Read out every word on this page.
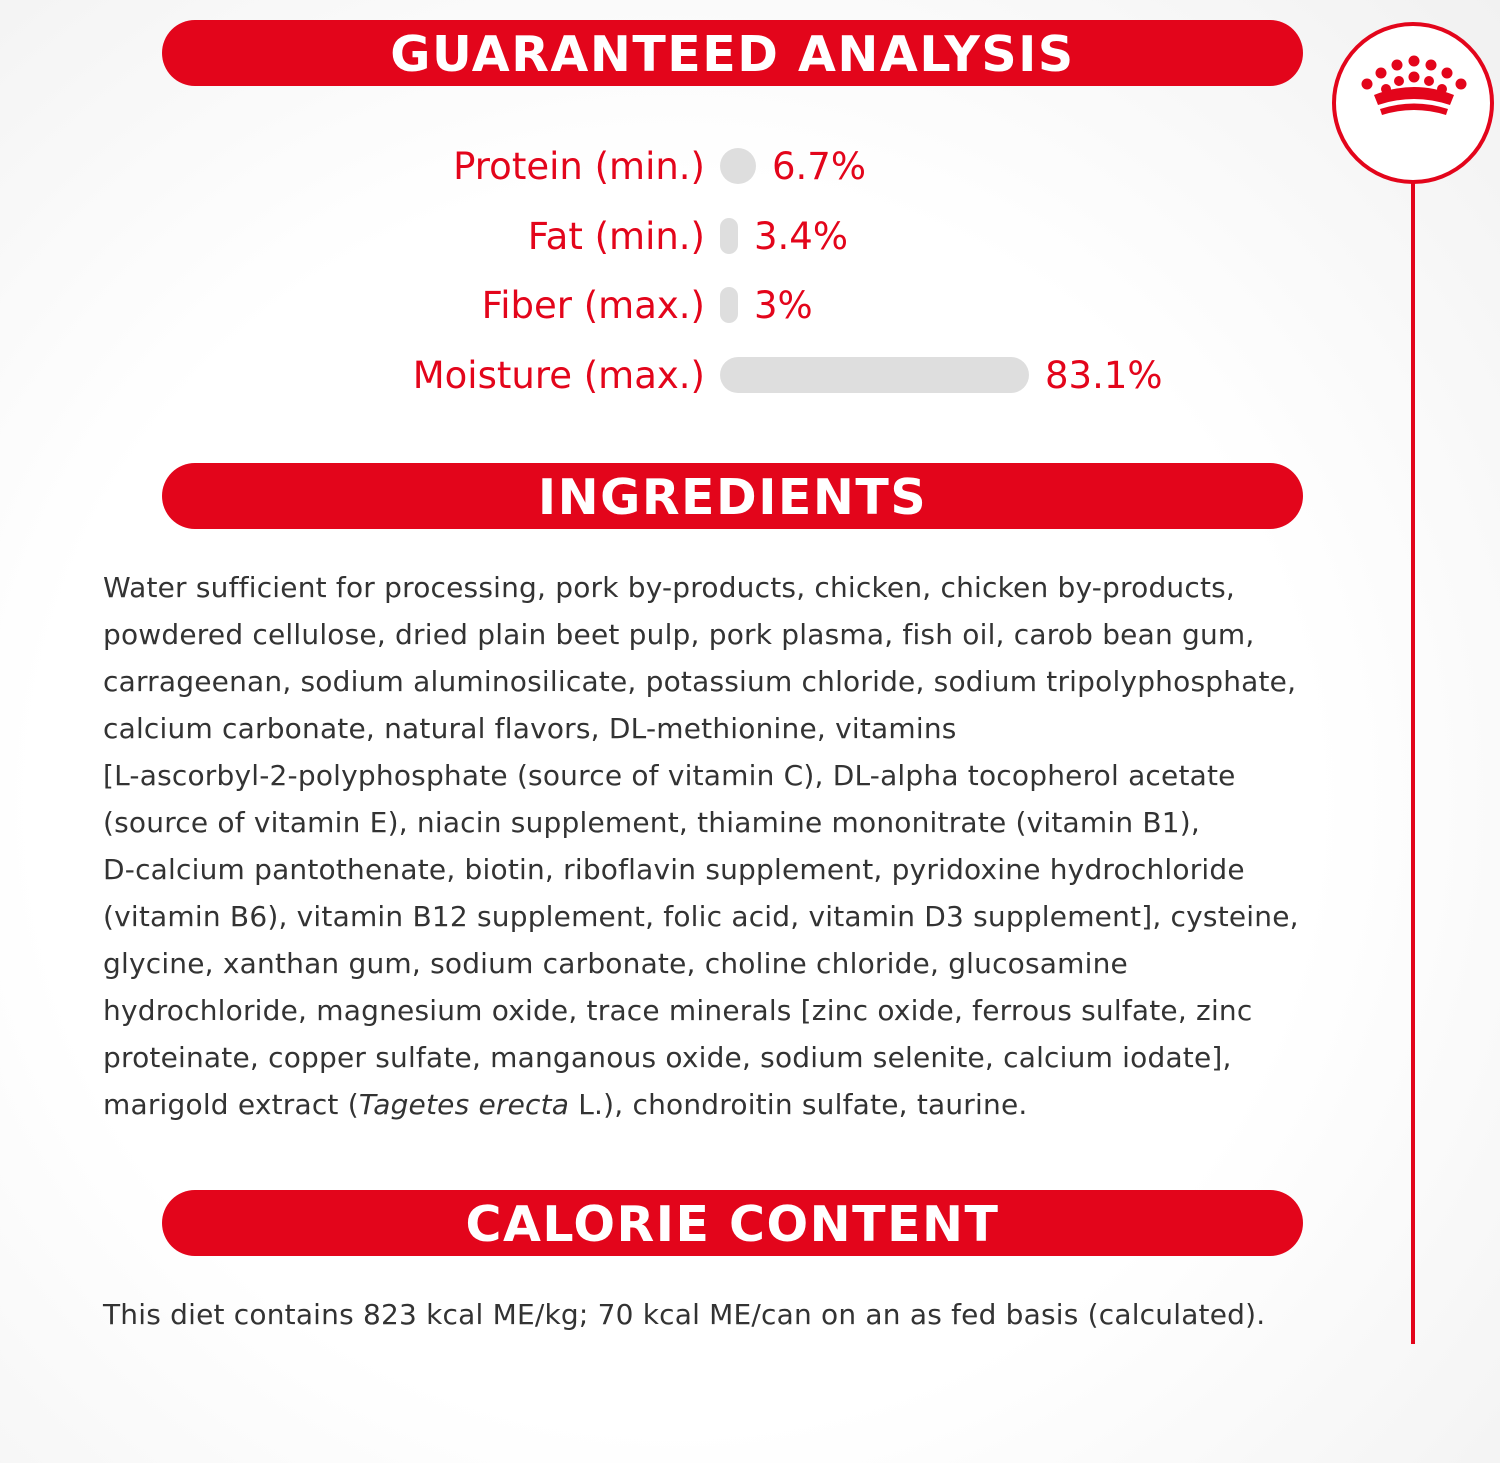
GUARANTEED ANALYSIS
Protein (min.) 6.7%
Fat (min.) 3.4%
Fiber (max.) 3%
Moisture (max.)	83.1%
INGREDIENTS
Water sufficient for processing, pork by-products, chicken, chicken by-products,
powdered cellulose, dried plain beet pulp, pork plasma, fish oil, carob bean gum,
carrageenan, sodium aluminosilicate, potassium chloride, sodium tripolyphosphate,
calcium carbonate, natural flavors, DL-methionine, vitamins
[L-ascorbyl-2-polyphosphate (source of vitamin C), DL-alpha tocopherol acetate
(source of vitamin E), niacin supplement, thiamine mononitrate (vitamin B1),
D-calcium pantothenate, biotin, riboflavin supplement, pyridoxine hydrochloride
(vitamin B6), vitamin B12 supplement, folic acid, vitamin D3 supplement], cysteine,
glycine, xanthan gum, sodium carbonate, choline chloride, glucosamine
hydrochloride, magnesium oxide, trace minerals [zinc oxide, ferrous sulfate, zinc
proteinate, copper sulfate, manganous oxide, sodium selenite, calcium iodate],
marigold extract (Tagetes erecta L.), chondroitin sulfate, taurine.
CALORIE CONTENT
This diet contains 823 kcal ME/kg; 70 kcal ME/can on an as fed basis (calculated).
